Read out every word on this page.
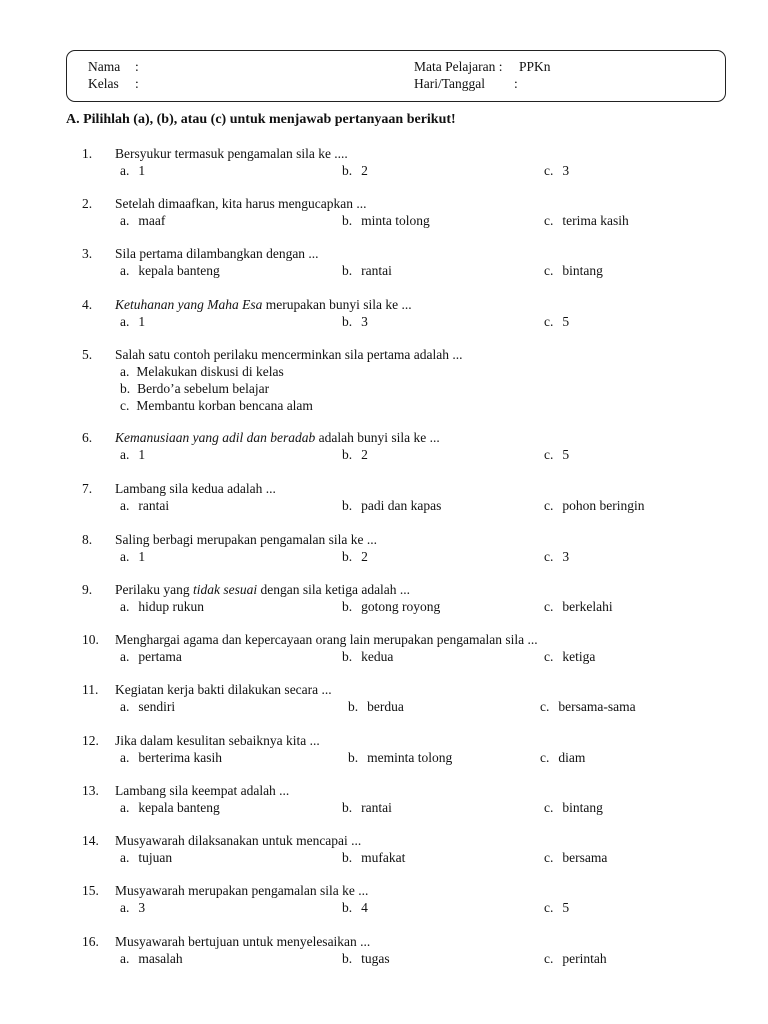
Nama :
Kelas :
Mata Pelajaran : PPKn
Hari/Tanggal :
A. Pilihlah (a), (b), atau (c) untuk menjawab pertanyaan berikut!
1. Bersyukur termasuk pengamalan sila ke ....
a. 1	b. 2	c. 3
2. Setelah dimaafkan, kita harus mengucapkan ...
a. maaf	b. minta tolong	c. terima kasih
3. Sila pertama dilambangkan dengan ...
a. kepala banteng	b. rantai	c. bintang
4. Ketuhanan yang Maha Esa merupakan bunyi sila ke ...
a. 1	b. 3	c. 5
5. Salah satu contoh perilaku mencerminkan sila pertama adalah ...
a. Melakukan diskusi di kelas
b. Berdo’a sebelum belajar
c. Membantu korban bencana alam
6. Kemanusiaan yang adil dan beradab adalah bunyi sila ke ...
a. 1	b. 2	c. 5
7. Lambang sila kedua adalah ...
a. rantai	b. padi dan kapas	c. pohon beringin
8. Saling berbagi merupakan pengamalan sila ke ...
a. 1	b. 2	c. 3
9. Perilaku yang tidak sesuai dengan sila ketiga adalah ...
a. hidup rukun	b. gotong royong	c. berkelahi
10. Menghargai agama dan kepercayaan orang lain merupakan pengamalan sila ...
a. pertama	b. kedua	c. ketiga
11. Kegiatan kerja bakti dilakukan secara ...
a. sendiri	b. berdua	c. bersama-sama
12. Jika dalam kesulitan sebaiknya kita ...
a. berterima kasih	b. meminta tolong	c. diam
13. Lambang sila keempat adalah ...
a. kepala banteng	b. rantai	c. bintang
14. Musyawarah dilaksanakan untuk mencapai ...
a. tujuan	b. mufakat	c. bersama
15. Musyawarah merupakan pengamalan sila ke ...
a. 3	b. 4	c. 5
16. Musyawarah bertujuan untuk menyelesaikan ...
a. masalah	b. tugas	c. perintah
